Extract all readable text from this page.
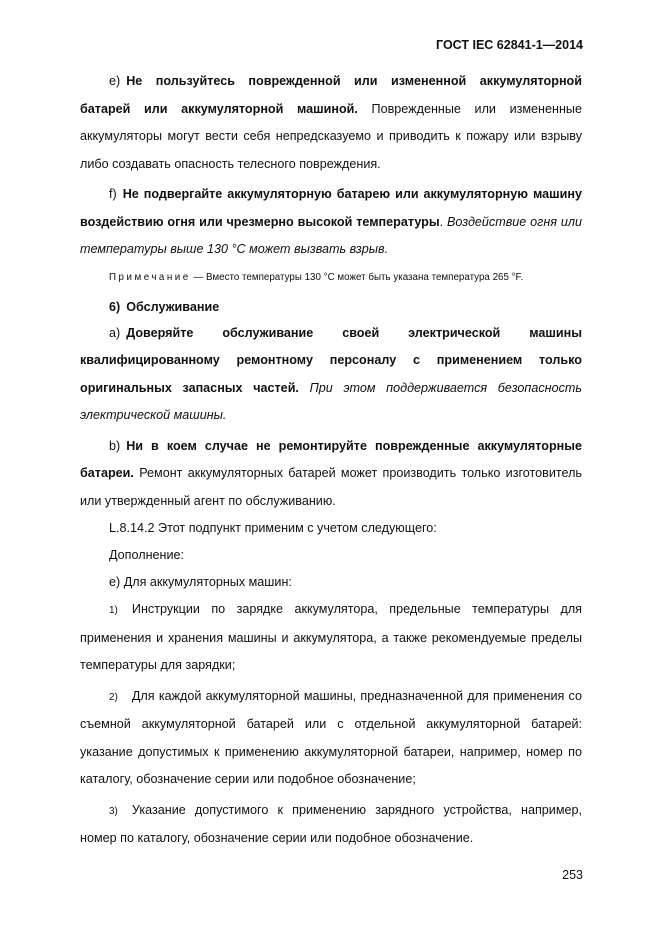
ГОСТ IEC 62841-1—2014

е) Не пользуйтесь поврежденной или измененной аккумуляторной батарей или аккумуляторной машиной. Поврежденные или измененные аккумуляторы могут вести себя непредсказуемо и приводить к пожару или взрыву либо создавать опасность телесного повреждения.

f) Не подвергайте аккумуляторную батарею или аккумуляторную машину воздействию огня или чрезмерно высокой температуры. Воздействие огня или температуры выше 130 °С может вызвать взрыв.

Примечание — Вместо температуры 130 °С может быть указана температура 265 °F.

6) Обслуживание

а) Доверяйте обслуживание своей электрической машины квалифицированному ремонтному персоналу с применением только оригинальных запасных частей. При этом поддерживается безопасность электрической машины.

b) Ни в коем случае не ремонтируйте поврежденные аккумуляторные батареи. Ремонт аккумуляторных батарей может производить только изготовитель или утвержденный агент по обслуживанию.

L.8.14.2 Этот подпункт применим с учетом следующего:

Дополнение:

е) Для аккумуляторных машин:

1) Инструкции по зарядке аккумулятора, предельные температуры для применения и хранения машины и аккумулятора, а также рекомендуемые пределы температуры для зарядки;

2) Для каждой аккумуляторной машины, предназначенной для применения со съемной аккумуляторной батарей или с отдельной аккумуляторной батарей: указание допустимых к применению аккумуляторной батареи, например, номер по каталогу, обозначение серии или подобное обозначение;

3) Указание допустимого к применению зарядного устройства, например, номер по каталогу, обозначение серии или подобное обозначение.

253
